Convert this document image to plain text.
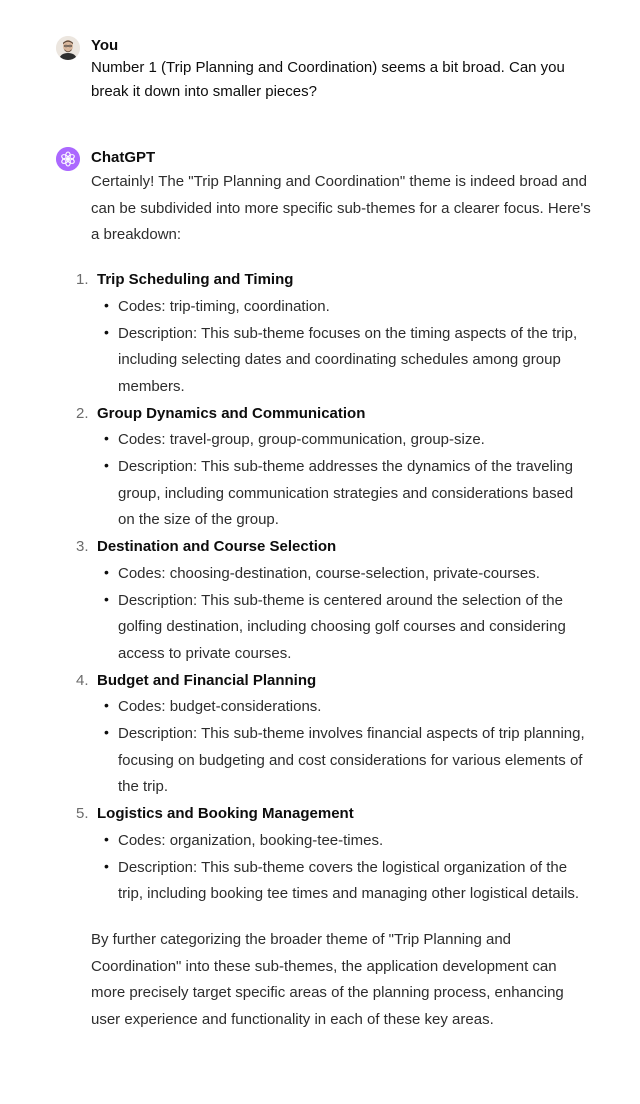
You
Number 1 (Trip Planning and Coordination) seems a bit broad. Can you break it down into smaller pieces?
ChatGPT

Certainly! The "Trip Planning and Coordination" theme is indeed broad and can be subdivided into more specific sub-themes for a clearer focus. Here's a breakdown:

1. Trip Scheduling and Timing
• Codes: trip-timing, coordination.
• Description: This sub-theme focuses on the timing aspects of the trip, including selecting dates and coordinating schedules among group members.
2. Group Dynamics and Communication
• Codes: travel-group, group-communication, group-size.
• Description: This sub-theme addresses the dynamics of the traveling group, including communication strategies and considerations based on the size of the group.
3. Destination and Course Selection
• Codes: choosing-destination, course-selection, private-courses.
• Description: This sub-theme is centered around the selection of the golfing destination, including choosing golf courses and considering access to private courses.
4. Budget and Financial Planning
• Codes: budget-considerations.
• Description: This sub-theme involves financial aspects of trip planning, focusing on budgeting and cost considerations for various elements of the trip.
5. Logistics and Booking Management
• Codes: organization, booking-tee-times.
• Description: This sub-theme covers the logistical organization of the trip, including booking tee times and managing other logistical details.

By further categorizing the broader theme of "Trip Planning and Coordination" into these sub-themes, the application development can more precisely target specific areas of the planning process, enhancing user experience and functionality in each of these key areas.
